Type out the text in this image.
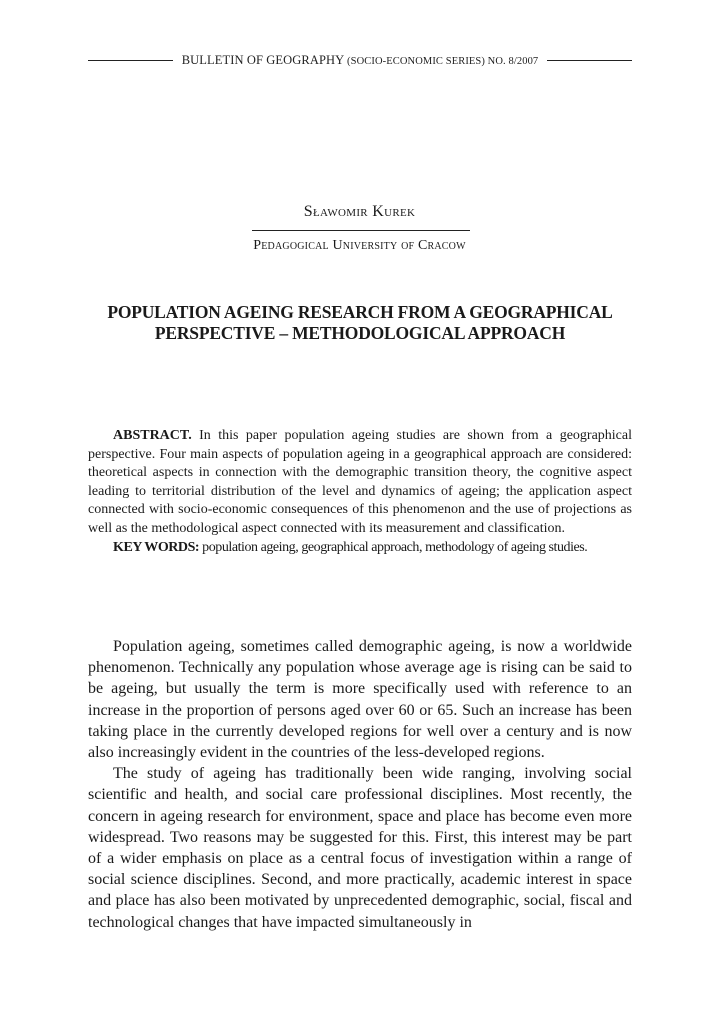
BULLETIN OF GEOGRAPHY (SOCIO-ECONOMIC SERIES) NO. 8/2007
Sławomir Kurek
Pedagogical University of Cracow
POPULATION AGEING RESEARCH FROM A GEOGRAPHICAL
PERSPECTIVE – METHODOLOGICAL APPROACH

ABSTRACT. In this paper population ageing studies are shown from a geographical perspective. Four main aspects of population ageing in a geographical approach are considered: theoretical aspects in connection with the demographic transition theory, the cognitive aspect leading to territorial distribution of the level and dynamics of ageing; the application aspect connected with socio-economic consequences of this phenomenon and the use of projections as well as the methodological aspect connected with its measurement and classification.

KEY WORDS: population ageing, geographical approach, methodology of ageing studies.

Population ageing, sometimes called demographic ageing, is now a worldwide phenomenon. Technically any population whose average age is rising can be said to be ageing, but usually the term is more specifically used with reference to an increase in the proportion of persons aged over 60 or 65. Such an increase has been taking place in the currently developed regions for well over a century and is now also increasingly evident in the countries of the less-developed regions.

The study of ageing has traditionally been wide ranging, involving social scientific and health, and social care professional disciplines. Most recently, the concern in ageing research for environment, space and place has become even more widespread. Two reasons may be suggested for this. First, this interest may be part of a wider emphasis on place as a central focus of investigation within a range of social science disciplines. Second, and more practically, academic interest in space and place has also been motivated by unprecedented demographic, social, fiscal and technological changes that have impacted simultaneously in
